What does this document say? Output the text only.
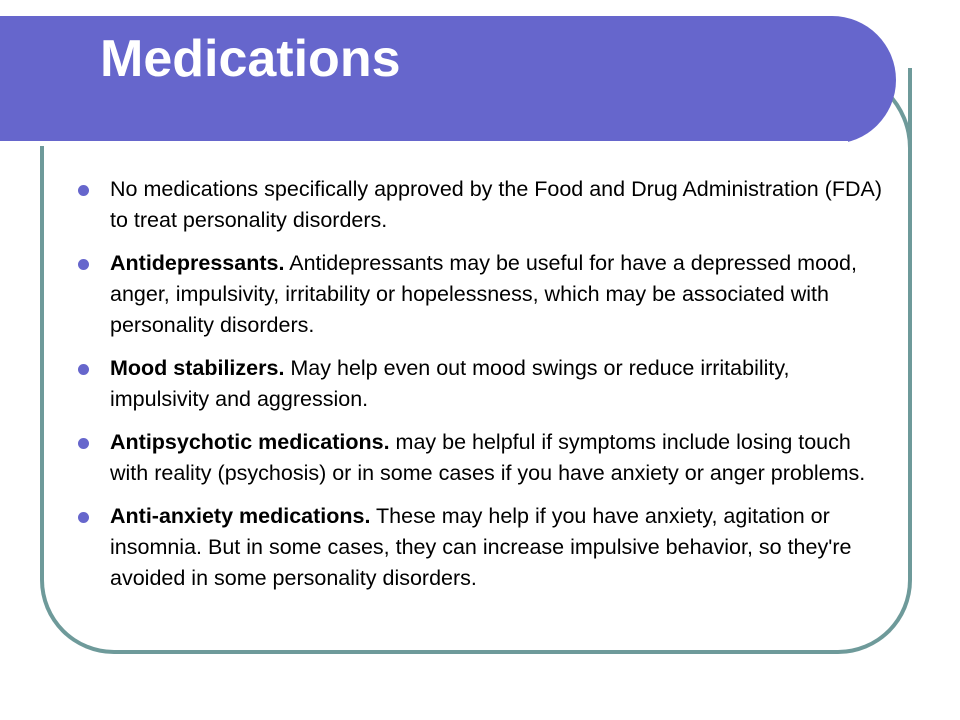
Medications
No medications specifically approved by the Food and Drug Administration (FDA) to treat personality disorders.
Antidepressants. Antidepressants may be useful for have a depressed mood, anger, impulsivity, irritability or hopelessness, which may be associated with personality disorders.
Mood stabilizers. May help even out mood swings or reduce irritability, impulsivity and aggression.
Antipsychotic medications. may be helpful if symptoms include losing touch with reality (psychosis) or in some cases if you have anxiety or anger problems.
Anti-anxiety medications. These may help if you have anxiety, agitation or insomnia. But in some cases, they can increase impulsive behavior, so they're avoided in some personality disorders.
